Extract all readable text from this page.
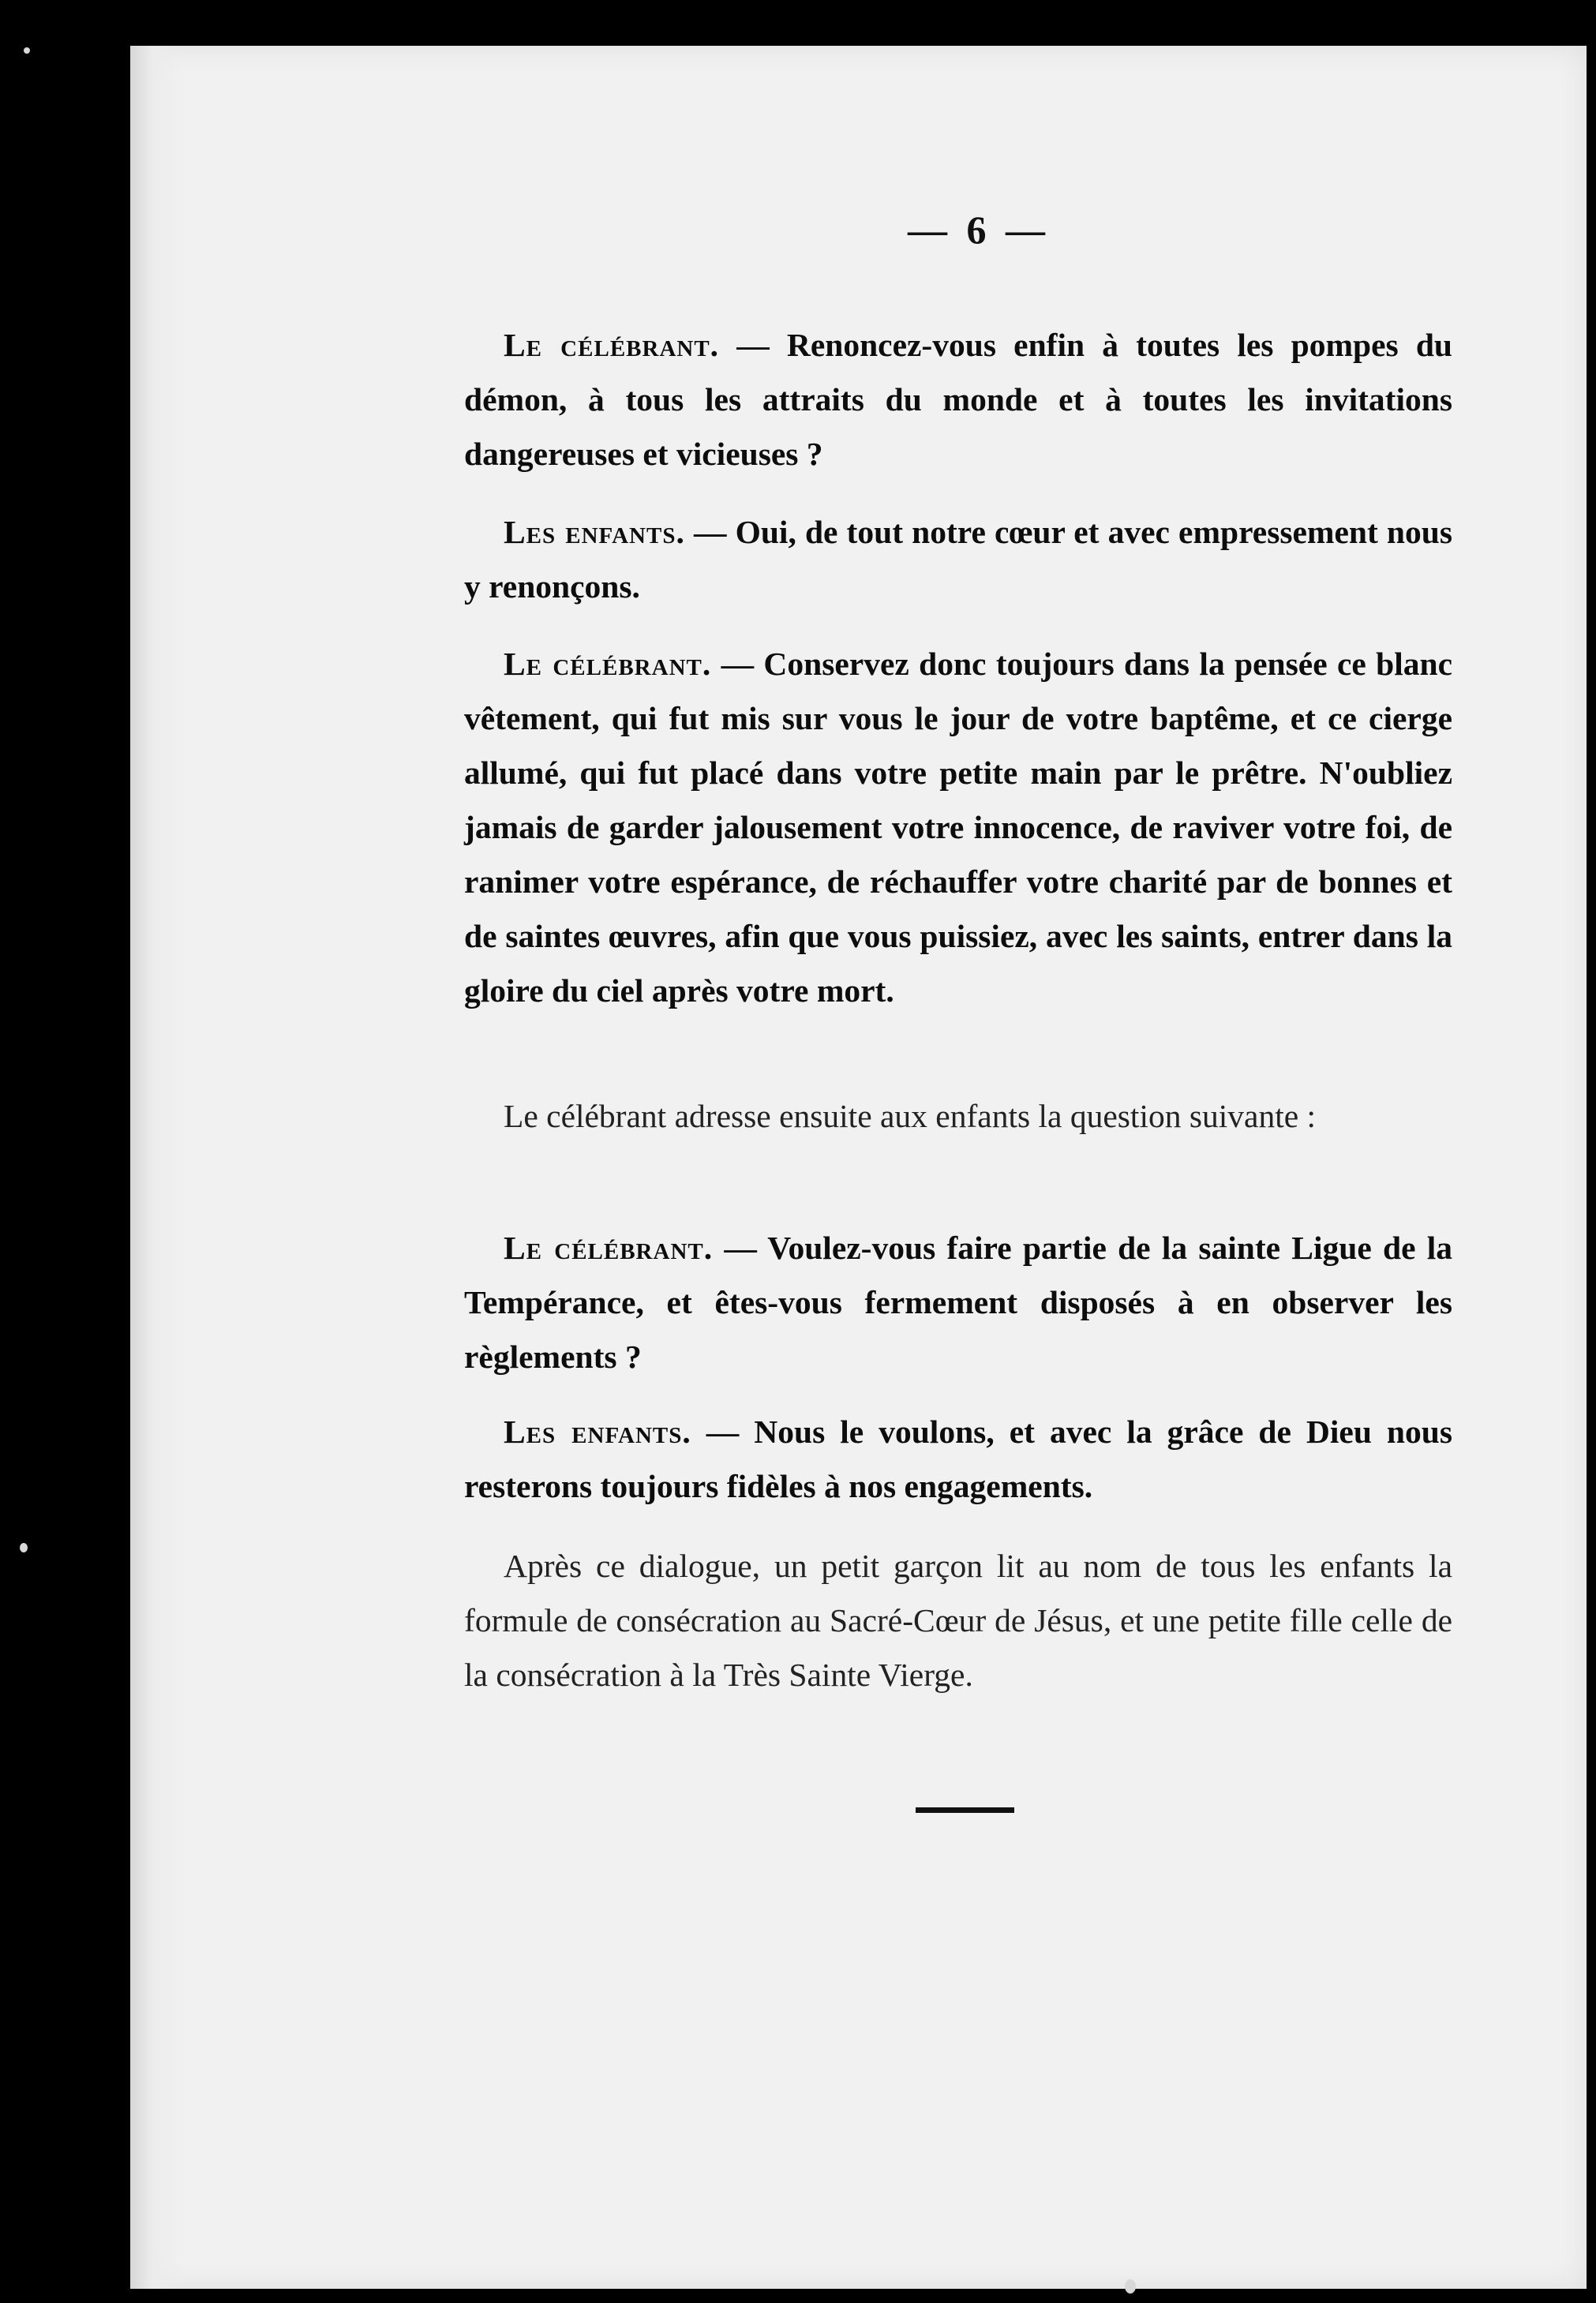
— 6 —
Le célébrant. — Renoncez-vous enfin à toutes les pompes du démon, à tous les attraits du monde et à toutes les invitations dangereuses et vicieuses ?
Les enfants. — Oui, de tout notre cœur et avec empressement nous y renonçons.
Le célébrant. — Conservez donc toujours dans la pensée ce blanc vêtement, qui fut mis sur vous le jour de votre baptême, et ce cierge allumé, qui fut placé dans votre petite main par le prêtre. N'oubliez jamais de garder jalousement votre innocence, de raviver votre foi, de ranimer votre espérance, de réchauffer votre charité par de bonnes et de saintes œuvres, afin que vous puissiez, avec les saints, entrer dans la gloire du ciel après votre mort.
Le célébrant adresse ensuite aux enfants la question suivante :
Le célébrant. — Voulez-vous faire partie de la sainte Ligue de la Tempérance, et êtes-vous fermement disposés à en observer les règlements ?
Les enfants. — Nous le voulons, et avec la grâce de Dieu nous resterons toujours fidèles à nos engagements.
Après ce dialogue, un petit garçon lit au nom de tous les enfants la formule de consécration au Sacré-Cœur de Jésus, et une petite fille celle de la consécration à la Très Sainte Vierge.
